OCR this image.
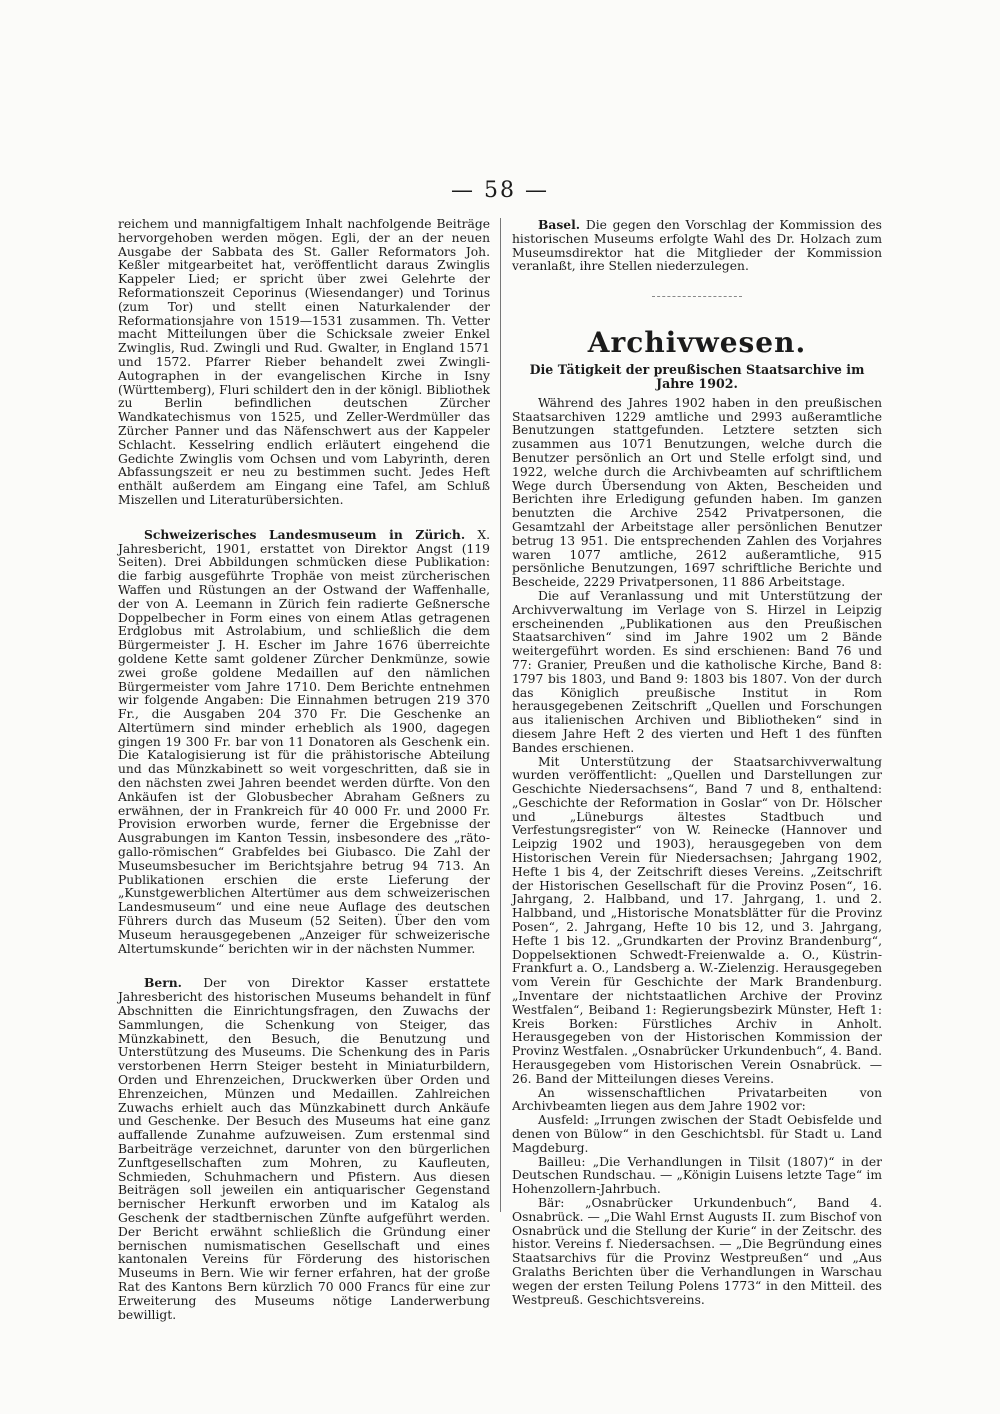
— 58 —

reichem und mannigfaltigem Inhalt nachfolgende Beiträge hervorgehoben werden mögen. Egli, der an der neuen Ausgabe der Sabbata des St. Galler Reformators Joh. Keßler mitgearbeitet hat, veröffentlicht daraus Zwinglis Kappeler Lied; er spricht über zwei Gelehrte der Reformationszeit Ceporinus (Wiesendanger) und Torinus (zum Tor) und stellt einen Naturkalender der Reformationsjahre von 1519—1531 zusammen. Th. Vetter macht Mitteilungen über die Schicksale zweier Enkel Zwinglis, Rud. Zwingli und Rud. Gwalter, in England 1571 und 1572. Pfarrer Rieber behandelt zwei Zwingli-Autographen in der evangelischen Kirche in Isny (Württemberg), Fluri schildert den in der königl. Bibliothek zu Berlin befindlichen deutschen Zürcher Wandkatechismus von 1525, und Zeller-Werdmüller das Zürcher Panner und das Näfenschwert aus der Kappeler Schlacht. Kesselring endlich erläutert eingehend die Gedichte Zwinglis vom Ochsen und vom Labyrinth, deren Abfassungszeit er neu zu bestimmen sucht. Jedes Heft enthält außerdem am Eingang eine Tafel, am Schluß Miszellen und Literaturübersichten.

Schweizerisches Landesmuseum in Zürich. X. Jahresbericht, 1901, erstattet von Direktor Angst (119 Seiten). Drei Abbildungen schmücken diese Publikation: die farbig ausgeführte Trophäe von meist zürcherischen Waffen und Rüstungen an der Ostwand der Waffenhalle, der von A. Leemann in Zürich fein radierte Geßnersche Doppelbecher in Form eines von einem Atlas getragenen Erdglobus mit Astrolabium, und schließlich die dem Bürgermeister J. H. Escher im Jahre 1676 überreichte goldene Kette samt goldener Zürcher Denkmünze, sowie zwei große goldene Medaillen auf den nämlichen Bürgermeister vom Jahre 1710. Dem Berichte entnehmen wir folgende Angaben: Die Einnahmen betrugen 219 370 Fr., die Ausgaben 204 370 Fr. Die Geschenke an Altertümern sind minder erheblich als 1900, dagegen gingen 19 300 Fr. bar von 11 Donatoren als Geschenk ein. Die Katalogisierung ist für die prähistorische Abteilung und das Münzkabinett so weit vorgeschritten, daß sie in den nächsten zwei Jahren beendet werden dürfte. Von den Ankäufen ist der Globusbecher Abraham Geßners zu erwähnen, der in Frankreich für 40 000 Fr. und 2000 Fr. Provision erworben wurde, ferner die Ergebnisse der Ausgrabungen im Kanton Tessin, insbesondere des „räto-gallo-römischen“ Grabfeldes bei Giubasco. Die Zahl der Museumsbesucher im Berichtsjahre betrug 94 713. An Publikationen erschien die erste Lieferung der „Kunstgewerblichen Altertümer aus dem schweizerischen Landesmuseum“ und eine neue Auflage des deutschen Führers durch das Museum (52 Seiten). Über den vom Museum herausgegebenen „Anzeiger für schweizerische Altertumskunde“ berichten wir in der nächsten Nummer.

Bern. Der von Direktor Kasser erstattete Jahresbericht des historischen Museums behandelt in fünf Abschnitten die Einrichtungsfragen, den Zuwachs der Sammlungen, die Schenkung von Steiger, das Münzkabinett, den Besuch, die Benutzung und Unterstützung des Museums. Die Schenkung des in Paris verstorbenen Herrn Steiger besteht in Miniaturbildern, Orden und Ehrenzeichen, Druckwerken über Orden und Ehrenzeichen, Münzen und Medaillen. Zahlreichen Zuwachs erhielt auch das Münzkabinett durch Ankäufe und Geschenke. Der Besuch des Museums hat eine ganz auffallende Zunahme aufzuweisen. Zum erstenmal sind Barbeiträge verzeichnet, darunter von den bürgerlichen Zunftgesellschaften zum Mohren, zu Kaufleuten, Schmieden, Schuhmachern und Pfistern. Aus diesen Beiträgen soll jeweilen ein antiquarischer Gegenstand bernischer Herkunft erworben und im Katalog als Geschenk der stadtbernischen Zünfte aufgeführt werden. Der Bericht erwähnt schließlich die Gründung einer bernischen numismatischen Gesellschaft und eines kantonalen Vereins für Förderung des historischen Museums in Bern. Wie wir ferner erfahren, hat der große Rat des Kantons Bern kürzlich 70 000 Francs für eine zur Erweiterung des Museums nötige Landerwerbung bewilligt.

Basel. Die gegen den Vorschlag der Kommission des historischen Museums erfolgte Wahl des Dr. Holzach zum Museumsdirektor hat die Mitglieder der Kommission veranlaßt, ihre Stellen niederzulegen.

Archivwesen.
Die Tätigkeit der preußischen Staatsarchive im Jahre 1902.

Während des Jahres 1902 haben in den preußischen Staatsarchiven 1229 amtliche und 2993 außeramtliche Benutzungen stattgefunden. Letztere setzten sich zusammen aus 1071 Benutzungen, welche durch die Benutzer persönlich an Ort und Stelle erfolgt sind, und 1922, welche durch die Archivbeamten auf schriftlichem Wege durch Übersendung von Akten, Bescheiden und Berichten ihre Erledigung gefunden haben. Im ganzen benutzten die Archive 2542 Privatpersonen, die Gesamtzahl der Arbeitstage aller persönlichen Benutzer betrug 13 951. Die entsprechenden Zahlen des Vorjahres waren 1077 amtliche, 2612 außeramtliche, 915 persönliche Benutzungen, 1697 schriftliche Berichte und Bescheide, 2229 Privatpersonen, 11 886 Arbeitstage.

Die auf Veranlassung und mit Unterstützung der Archivverwaltung im Verlage von S. Hirzel in Leipzig erscheinenden „Publikationen aus den Preußischen Staatsarchiven“ sind im Jahre 1902 um 2 Bände weitergeführt worden. Es sind erschienen: Band 76 und 77: Granier, Preußen und die katholische Kirche, Band 8: 1797 bis 1803, und Band 9: 1803 bis 1807. Von der durch das Königlich preußische Institut in Rom herausgegebenen Zeitschrift „Quellen und Forschungen aus italienischen Archiven und Bibliotheken“ sind in diesem Jahre Heft 2 des vierten und Heft 1 des fünften Bandes erschienen.

Mit Unterstützung der Staatsarchivverwaltung wurden veröffentlicht: „Quellen und Darstellungen zur Geschichte Niedersachsens“, Band 7 und 8, enthaltend: „Geschichte der Reformation in Goslar“ von Dr. Hölscher und „Lüneburgs ältestes Stadtbuch und Verfestungsregister“ von W. Reinecke (Hannover und Leipzig 1902 und 1903), herausgegeben von dem Historischen Verein für Niedersachsen; Jahrgang 1902, Hefte 1 bis 4, der Zeitschrift dieses Vereins. „Zeitschrift der Historischen Gesellschaft für die Provinz Posen“, 16. Jahrgang, 2. Halbband, und 17. Jahrgang, 1. und 2. Halbband, und „Historische Monatsblätter für die Provinz Posen“, 2. Jahrgang, Hefte 10 bis 12, und 3. Jahrgang, Hefte 1 bis 12. „Grundkarten der Provinz Brandenburg“, Doppelsektionen Schwedt-Freienwalde a. O., Küstrin-Frankfurt a. O., Landsberg a. W.-Zielenzig. Herausgegeben vom Verein für Geschichte der Mark Brandenburg. „Inventare der nichtstaatlichen Archive der Provinz Westfalen“, Beiband 1: Regierungsbezirk Münster, Heft 1: Kreis Borken: Fürstliches Archiv in Anholt. Herausgegeben von der Historischen Kommission der Provinz Westfalen. „Osnabrücker Urkundenbuch“, 4. Band. Herausgegeben vom Historischen Verein Osnabrück. — 26. Band der Mitteilungen dieses Vereins.

An wissenschaftlichen Privatarbeiten von Archivbeamten liegen aus dem Jahre 1902 vor:

Ausfeld: „Irrungen zwischen der Stadt Oebisfelde und denen von Bülow“ in den Geschichtsbl. für Stadt u. Land Magdeburg.

Bailleu: „Die Verhandlungen in Tilsit (1807)“ in der Deutschen Rundschau. — „Königin Luisens letzte Tage“ im Hohenzollern-Jahrbuch.

Bär: „Osnabrücker Urkundenbuch“, Band 4. Osnabrück. — „Die Wahl Ernst Augusts II. zum Bischof von Osnabrück und die Stellung der Kurie“ in der Zeitschr. des histor. Vereins f. Niedersachsen. — „Die Begründung eines Staatsarchivs für die Provinz Westpreußen“ und „Aus Gralaths Berichten über die Verhandlungen in Warschau wegen der ersten Teilung Polens 1773“ in den Mitteil. des Westpreuß. Geschichtsvereins.
